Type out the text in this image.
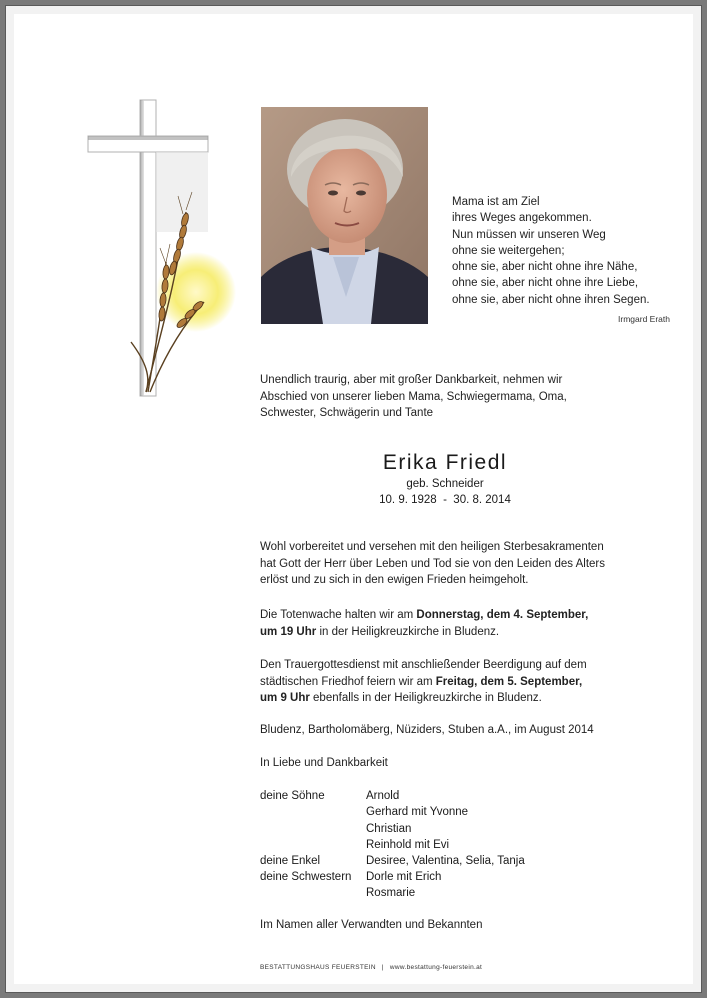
Mama ist am Ziel
ihres Weges angekommen.
Nun müssen wir unseren Weg
ohne sie weitergehen;
ohne sie, aber nicht ohne ihre Nähe,
ohne sie, aber nicht ohne ihre Liebe,
ohne sie, aber nicht ohne ihren Segen.
Irmgard Erath
Unendlich traurig, aber mit großer Dankbarkeit, nehmen wir
Abschied von unserer lieben Mama, Schwiegermama, Oma,
Schwester, Schwägerin und Tante
Erika Friedl
geb. Schneider
10. 9. 1928  -  30. 8. 2014
Wohl vorbereitet und versehen mit den heiligen Sterbesakramenten
hat Gott der Herr über Leben und Tod sie von den Leiden des Alters
erlöst und zu sich in den ewigen Frieden heimgeholt.
Die Totenwache halten wir am Donnerstag, dem 4. September,
um 19 Uhr in der Heiligkreuzkirche in Bludenz.
Den Trauergottesdienst mit anschließender Beerdigung auf dem
städtischen Friedhof feiern wir am Freitag, dem 5. September,
um 9 Uhr ebenfalls in der Heiligkreuzkirche in Bludenz.
Bludenz, Bartholomäberg, Nüziders, Stuben a.A., im August 2014
In Liebe und Dankbarkeit
deine Söhne	Arnold
Gerhard mit Yvonne
Christian
Reinhold mit Evi
deine Enkel	Desiree, Valentina, Selia, Tanja
deine Schwestern Dorle mit Erich
Rosmarie
Im Namen aller Verwandten und Bekannten
BESTATTUNGSHAUS FEUERSTEIN | www.bestattung-feuerstein.at
